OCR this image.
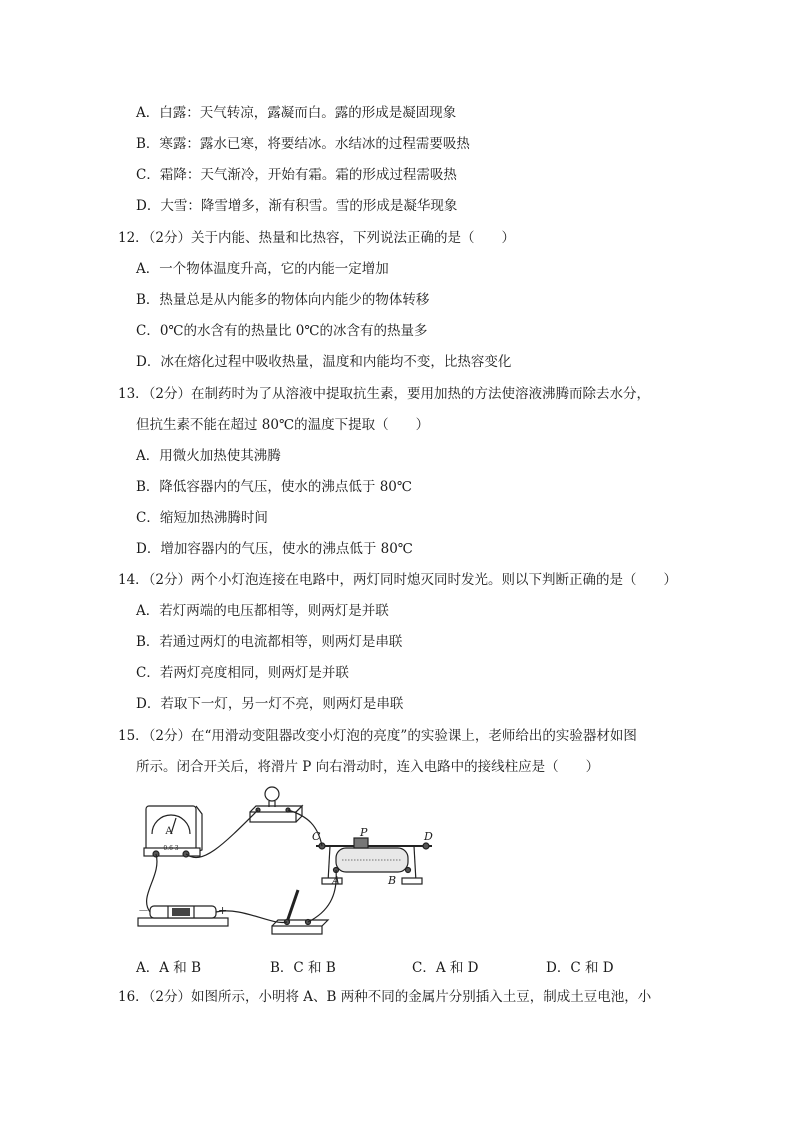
A．白露：天气转凉，露凝而白。露的形成是凝固现象
B．寒露：露水已寒，将要结冰。水结冰的过程需要吸热
C．霜降：天气渐冷，开始有霜。霜的形成过程需吸热
D．大雪：降雪增多，渐有积雪。雪的形成是凝华现象
12．（2分）关于内能、热量和比热容，下列说法正确的是（　　）
A．一个物体温度升高，它的内能一定增加
B．热量总是从内能多的物体向内能少的物体转移
C．0℃的水含有的热量比 0℃的冰含有的热量多
D．冰在熔化过程中吸收热量，温度和内能均不变，比热容变化
13．（2分）在制药时为了从溶液中提取抗生素，要用加热的方法使溶液沸腾而除去水分，
但抗生素不能在超过 80℃的温度下提取（　　）
A．用微火加热使其沸腾
B．降低容器内的气压，使水的沸点低于 80℃
C．缩短加热沸腾时间
D．增加容器内的气压，使水的沸点低于 80℃
14．（2分）两个小灯泡连接在电路中，两灯同时熄灭同时发光。则以下判断正确的是（　　）
A．若灯两端的电压都相等，则两灯是并联
B．若通过两灯的电流都相等，则两灯是串联
C．若两灯亮度相同，则两灯是并联
D．若取下一灯，另一灯不亮，则两灯是串联
15．（2分）在“用滑动变阻器改变小灯泡的亮度”的实验课上，老师给出的实验器材如图
所示。闭合开关后，将滑片 P 向右滑动时，连入电路中的接线柱应是（　　）
A
0.6 3
C	P	D
A	B
－	+
A．A 和 B	B．C 和 B	C．A 和 D	D．C 和 D
16．（2分）如图所示，小明将 A、B 两种不同的金属片分别插入土豆，制成土豆电池，小
